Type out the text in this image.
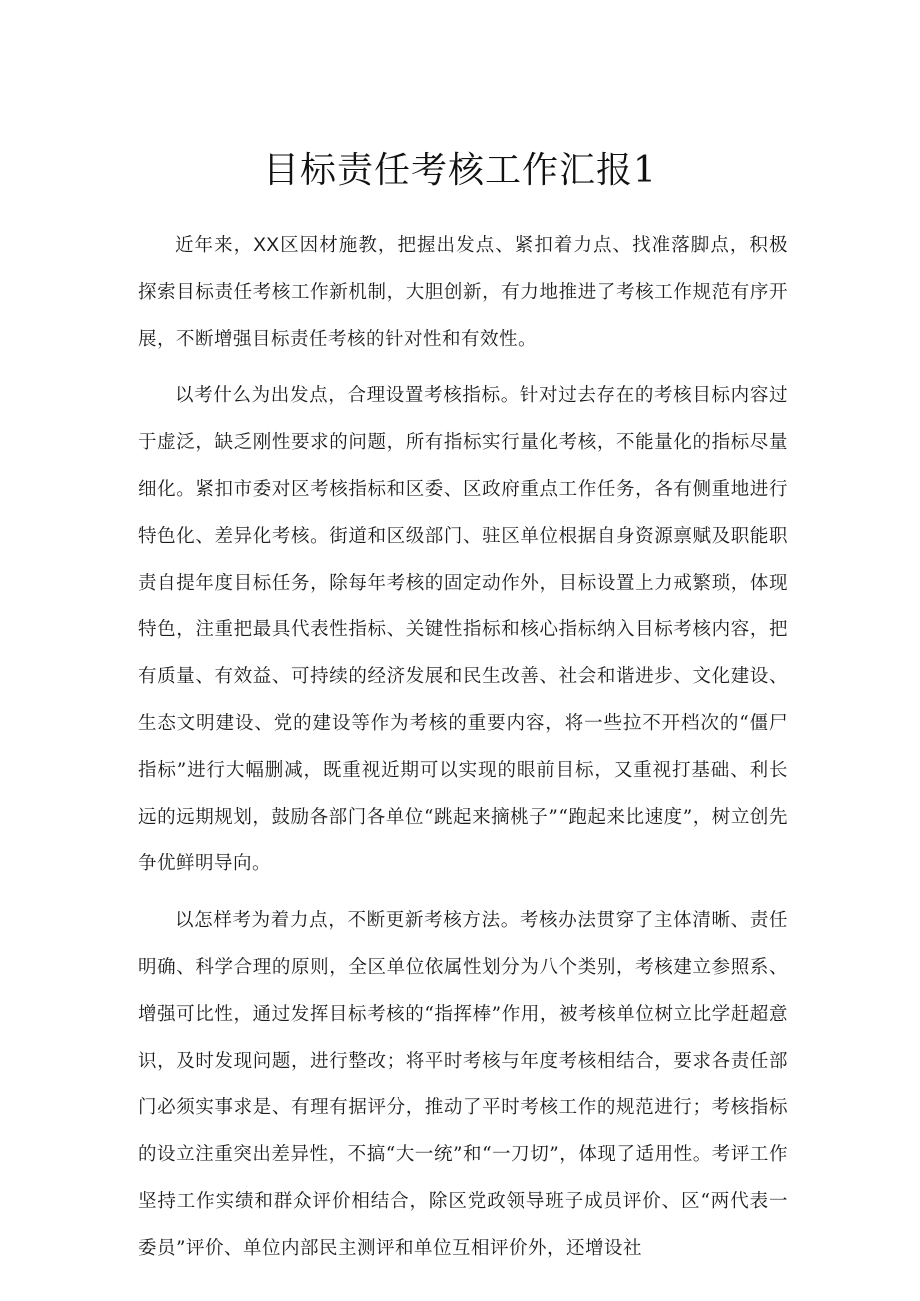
目标责任考核工作汇报1

近年来，XX区因材施教，把握出发点、紧扣着力点、找准落脚点，积极探索目标责任考核工作新机制，大胆创新，有力地推进了考核工作规范有序开展，不断增强目标责任考核的针对性和有效性。

以考什么为出发点，合理设置考核指标。针对过去存在的考核目标内容过于虚泛，缺乏刚性要求的问题，所有指标实行量化考核，不能量化的指标尽量细化。紧扣市委对区考核指标和区委、区政府重点工作任务，各有侧重地进行特色化、差异化考核。街道和区级部门、驻区单位根据自身资源禀赋及职能职责自提年度目标任务，除每年考核的固定动作外，目标设置上力戒繁琐，体现特色，注重把最具代表性指标、关键性指标和核心指标纳入目标考核内容，把有质量、有效益、可持续的经济发展和民生改善、社会和谐进步、文化建设、生态文明建设、党的建设等作为考核的重要内容，将一些拉不开档次的“僵尸指标”进行大幅删减，既重视近期可以实现的眼前目标，又重视打基础、利长远的远期规划，鼓励各部门各单位“跳起来摘桃子”“跑起来比速度”，树立创先争优鲜明导向。

以怎样考为着力点，不断更新考核方法。考核办法贯穿了主体清晰、责任明确、科学合理的原则，全区单位依属性划分为八个类别，考核建立参照系、增强可比性，通过发挥目标考核的“指挥棒”作用，被考核单位树立比学赶超意识，及时发现问题，进行整改；将平时考核与年度考核相结合，要求各责任部门必须实事求是、有理有据评分，推动了平时考核工作的规范进行；考核指标的设立注重突出差异性，不搞“大一统”和“一刀切”，体现了适用性。考评工作坚持工作实绩和群众评价相结合，除区党政领导班子成员评价、区“两代表一委员”评价、单位内部民主测评和单位互相评价外，还增设社
